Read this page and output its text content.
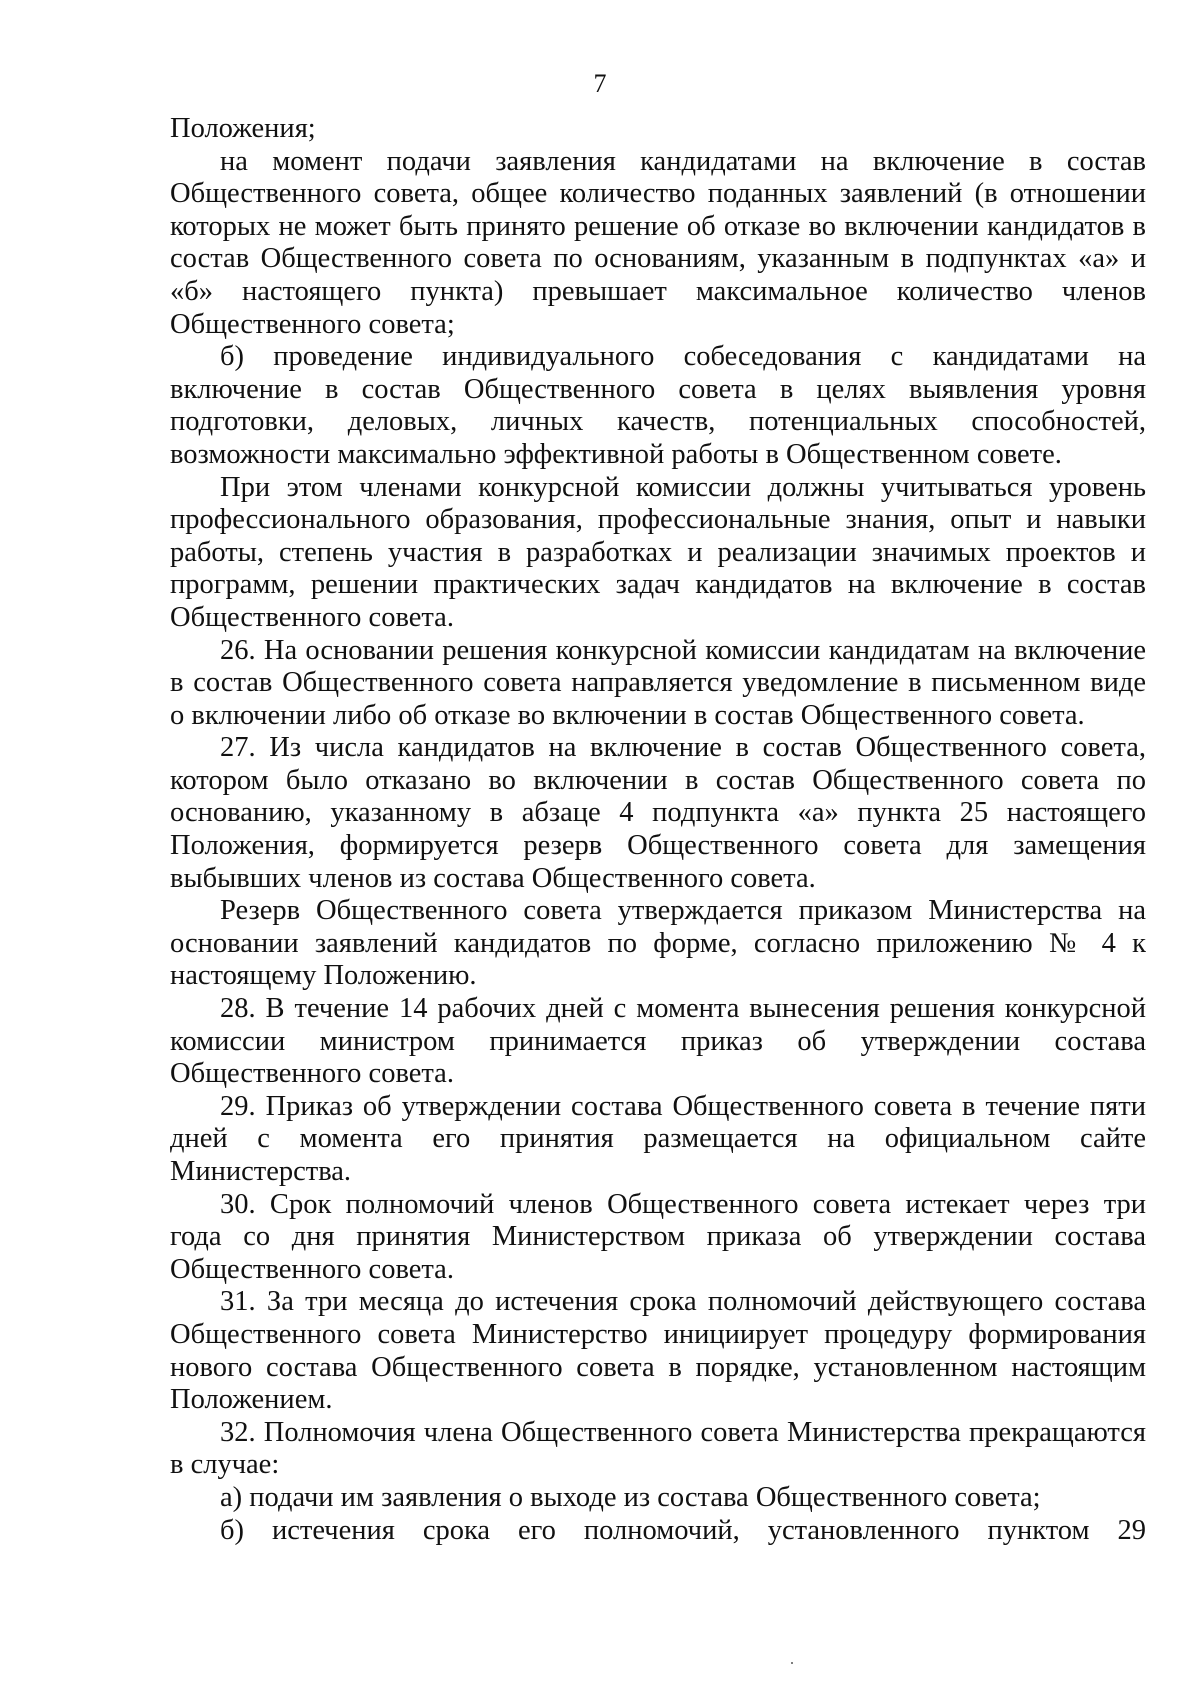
7

Положения;

на момент подачи заявления кандидатами на включение в состав Общественного совета, общее количество поданных заявлений (в отношении которых не может быть принято решение об отказе во включении кандидатов в состав Общественного совета по основаниям, указанным в подпунктах «а» и «б» настоящего пункта) превышает максимальное количество членов Общественного совета;

б) проведение индивидуального собеседования с кандидатами на включение в состав Общественного совета в целях выявления уровня подготовки, деловых, личных качеств, потенциальных способностей, возможности максимально эффективной работы в Общественном совете.

При этом членами конкурсной комиссии должны учитываться уровень профессионального образования, профессиональные знания, опыт и навыки работы, степень участия в разработках и реализации значимых проектов и программ, решении практических задач кандидатов на включение в состав Общественного совета.

26. На основании решения конкурсной комиссии кандидатам на включение в состав Общественного совета направляется уведомление в письменном виде о включении либо об отказе во включении в состав Общественного совета.

27. Из числа кандидатов на включение в состав Общественного совета, котором было отказано во включении в состав Общественного совета по основанию, указанному в абзаце 4 подпункта «а» пункта 25 настоящего Положения, формируется резерв Общественного совета для замещения выбывших членов из состава Общественного совета.

Резерв Общественного совета утверждается приказом Министерства на основании заявлений кандидатов по форме, согласно приложению № 4 к настоящему Положению.

28. В течение 14 рабочих дней с момента вынесения решения конкурсной комиссии министром принимается приказ об утверждении состава Общественного совета.

29. Приказ об утверждении состава Общественного совета в течение пяти дней с момента его принятия размещается на официальном сайте Министерства.

30. Срок полномочий членов Общественного совета истекает через три года со дня принятия Министерством приказа об утверждении состава Общественного совета.

31. За три месяца до истечения срока полномочий действующего состава Общественного совета Министерство инициирует процедуру формирования нового состава Общественного совета в порядке, установленном настоящим Положением.

32. Полномочия члена Общественного совета Министерства прекращаются в случае:

а) подачи им заявления о выходе из состава Общественного совета;

б) истечения срока его полномочий, установленного пунктом 29
